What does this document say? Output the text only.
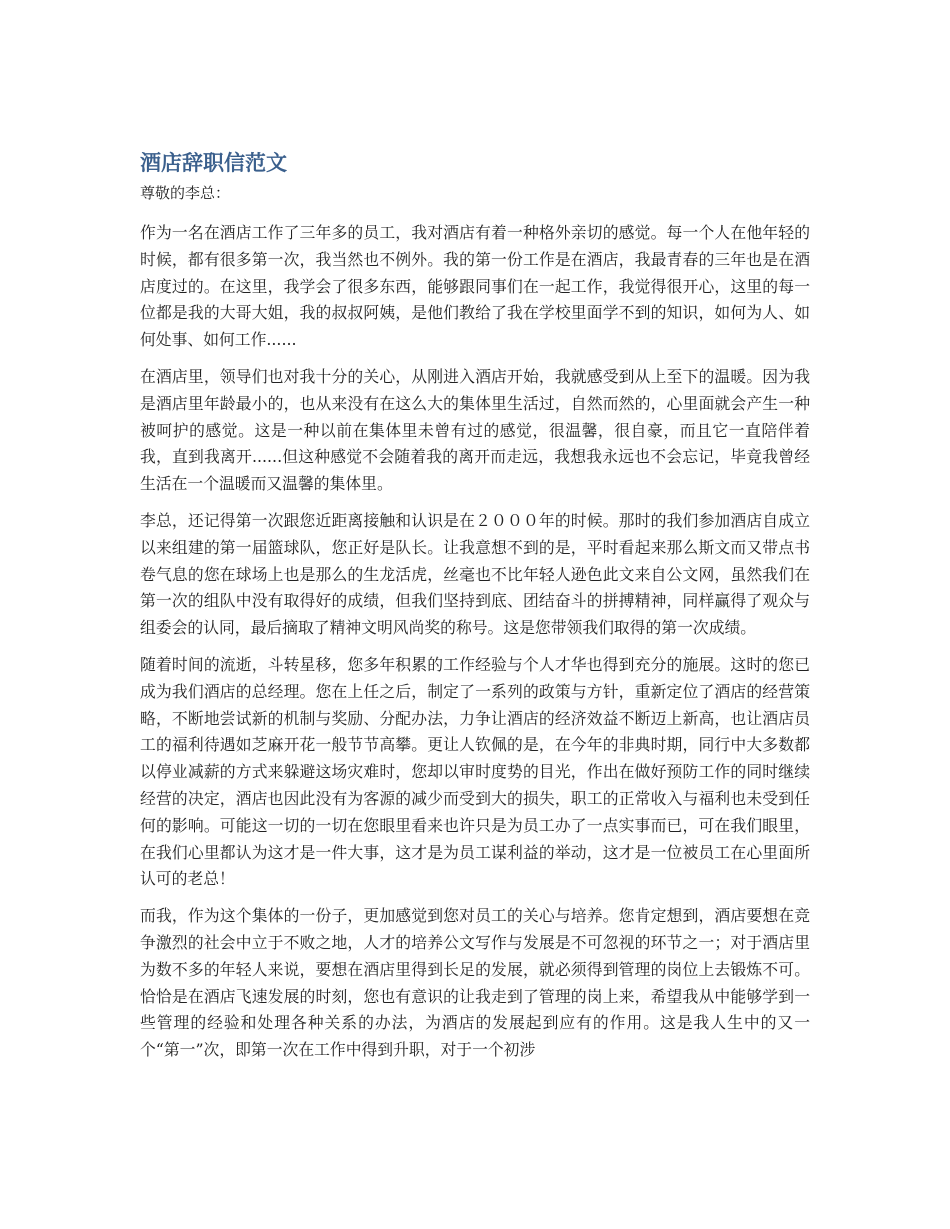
酒店辞职信范文
尊敬的李总：

作为一名在酒店工作了三年多的员工，我对酒店有着一种格外亲切的感觉。每一个人在他年轻的时候，都有很多第一次，我当然也不例外。我的第一份工作是在酒店，我最青春的三年也是在酒店度过的。在这里，我学会了很多东西，能够跟同事们在一起工作，我觉得很开心，这里的每一位都是我的大哥大姐，我的叔叔阿姨，是他们教给了我在学校里面学不到的知识，如何为人、如何处事、如何工作......

在酒店里，领导们也对我十分的关心，从刚进入酒店开始，我就感受到从上至下的温暖。因为我是酒店里年龄最小的，也从来没有在这么大的集体里生活过，自然而然的，心里面就会产生一种被呵护的感觉。这是一种以前在集体里未曾有过的感觉，很温馨，很自豪，而且它一直陪伴着我，直到我离开......但这种感觉不会随着我的离开而走远，我想我永远也不会忘记，毕竟我曾经生活在一个温暖而又温馨的集体里。

李总，还记得第一次跟您近距离接触和认识是在２０００年的时候。那时的我们参加酒店自成立以来组建的第一届篮球队，您正好是队长。让我意想不到的是，平时看起来那么斯文而又带点书卷气息的您在球场上也是那么的生龙活虎，丝毫也不比年轻人逊色此文来自公文网，虽然我们在第一次的组队中没有取得好的成绩，但我们坚持到底、团结奋斗的拼搏精神，同样赢得了观众与组委会的认同，最后摘取了精神文明风尚奖的称号。这是您带领我们取得的第一次成绩。

随着时间的流逝，斗转星移，您多年积累的工作经验与个人才华也得到充分的施展。这时的您已成为我们酒店的总经理。您在上任之后，制定了一系列的政策与方针，重新定位了酒店的经营策略，不断地尝试新的机制与奖励、分配办法，力争让酒店的经济效益不断迈上新高，也让酒店员工的福利待遇如芝麻开花一般节节高攀。更让人钦佩的是，在今年的非典时期，同行中大多数都以停业减薪的方式来躲避这场灾难时，您却以审时度势的目光，作出在做好预防工作的同时继续经营的决定，酒店也因此没有为客源的减少而受到大的损失，职工的正常收入与福利也未受到任何的影响。可能这一切的一切在您眼里看来也许只是为员工办了一点实事而已，可在我们眼里，在我们心里都认为这才是一件大事，这才是为员工谋利益的举动，这才是一位被员工在心里面所认可的老总！

而我，作为这个集体的一份子，更加感觉到您对员工的关心与培养。您肯定想到，酒店要想在竞争激烈的社会中立于不败之地，人才的培养公文写作与发展是不可忽视的环节之一；对于酒店里为数不多的年轻人来说，要想在酒店里得到长足的发展，就必须得到管理的岗位上去锻炼不可。恰恰是在酒店飞速发展的时刻，您也有意识的让我走到了管理的岗上来，希望我从中能够学到一些管理的经验和处理各种关系的办法，为酒店的发展起到应有的作用。这是我人生中的又一个“第一”次，即第一次在工作中得到升职，对于一个初涉
